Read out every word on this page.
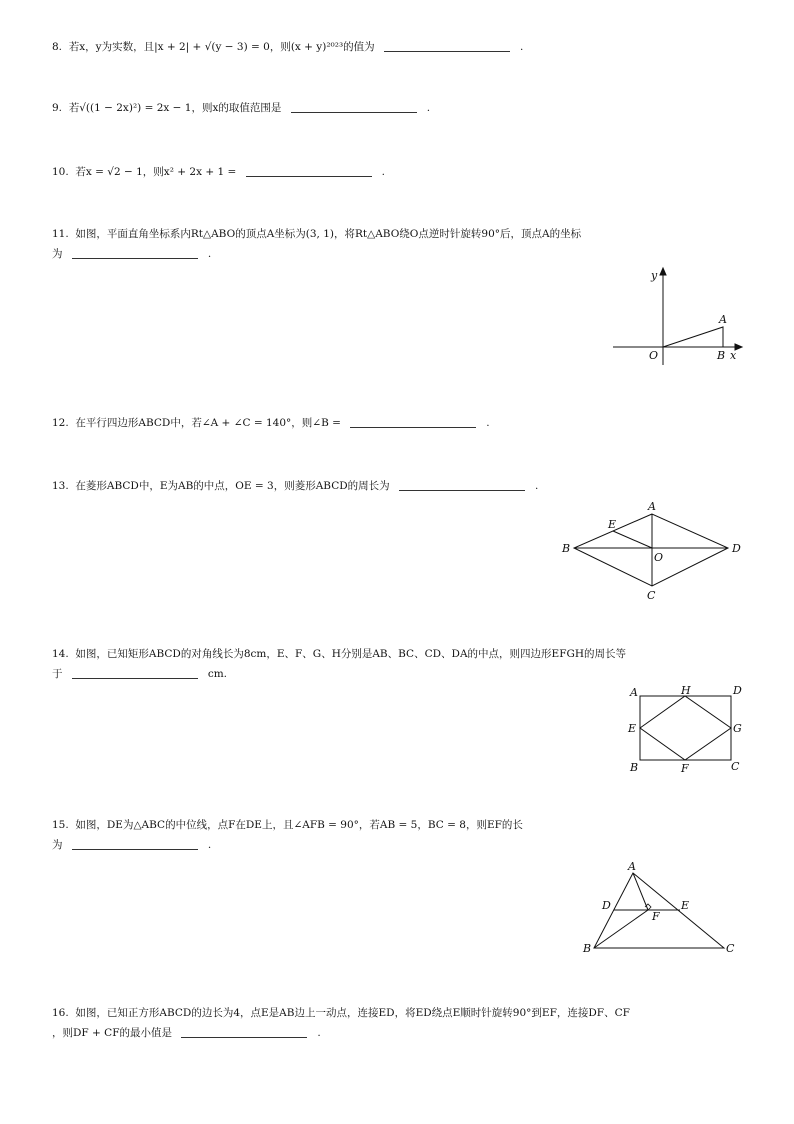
8. 若x，y为实数，且|x + 2| + √(y − 3) = 0，则(x + y)²⁰²³的值为	.
9. 若√((1 − 2x)²) = 2x − 1，则x的取值范围是	.
10. 若x = √2 − 1，则x² + 2x + 1 =	.
11. 如图，平面直角坐标系内Rt△ABO的顶点A坐标为(3, 1)，将Rt△ABO绕O点逆时针旋转90°后，顶点A的坐标
为	.
y
x
O
A
B
12. 在平行四边形ABCD中，若∠A + ∠C = 140°，则∠B =	.
13. 在菱形ABCD中，E为AB的中点，OE = 3，则菱形ABCD的周长为	.
A
B
C
D
E
O
14. 如图，已知矩形ABCD的对角线长为8cm，E、F、G、H分别是AB、BC、CD、DA的中点，则四边形EFGH的周长等
于	cm.
A	D
H
E	G
B	F	C
15. 如图，DE为△ABC的中位线，点F在DE上，且∠AFB = 90°，若AB = 5，BC = 8，则EF的长
为	.
A
B	C
D	E
F
16. 如图，已知正方形ABCD的边长为4，点E是AB边上一动点，连接ED，将ED绕点E顺时针旋转90°到EF，连接DF、CF
，则DF + CF的最小值是	.
